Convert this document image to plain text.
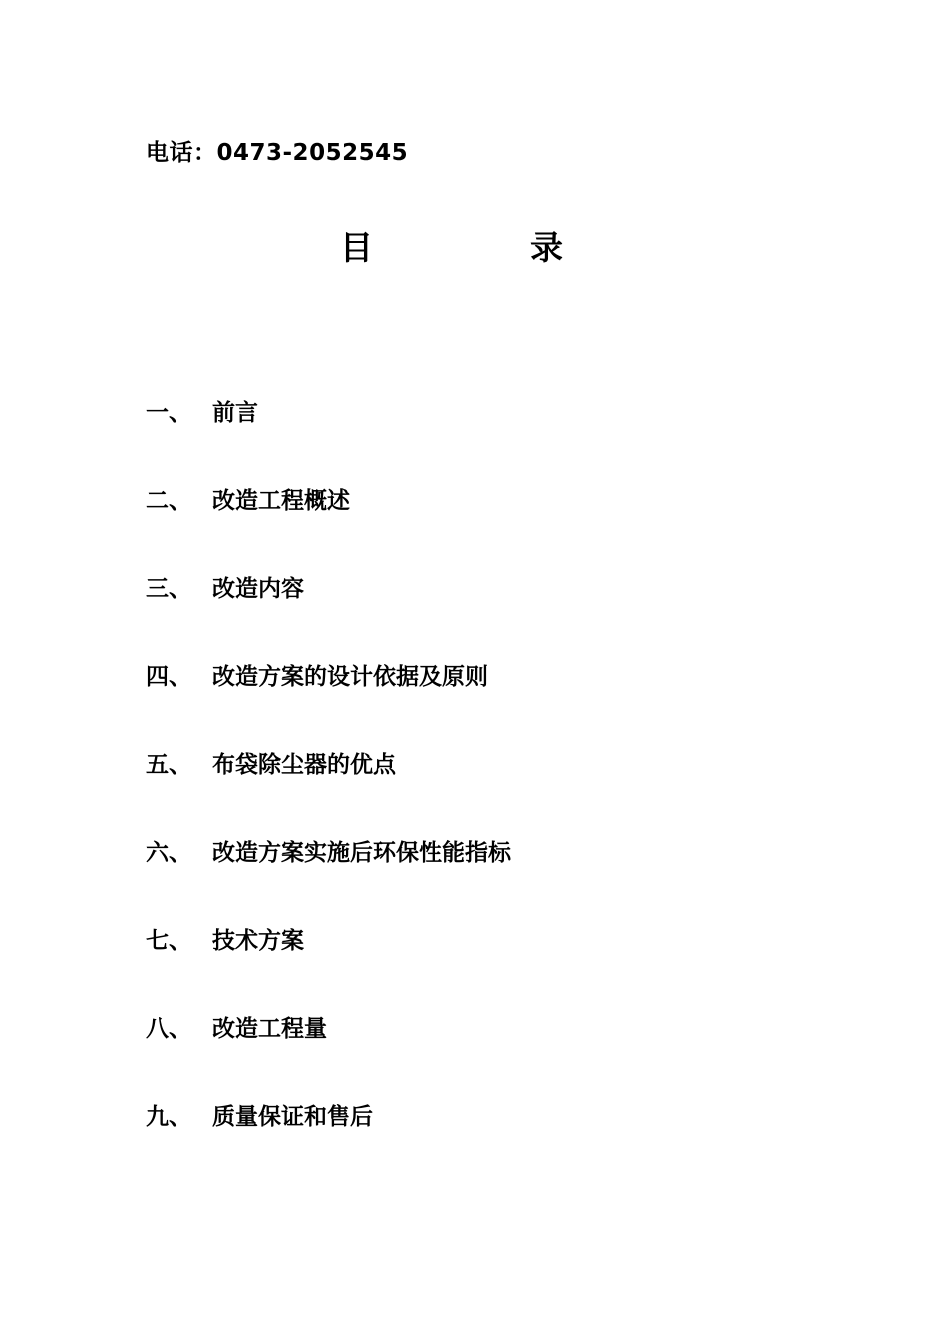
电话：0473-2052545
目	录
一、 前言
二、 改造工程概述
三、 改造内容
四、 改造方案的设计依据及原则
五、 布袋除尘器的优点
六、 改造方案实施后环保性能指标
七、 技术方案
八、 改造工程量
九、 质量保证和售后
